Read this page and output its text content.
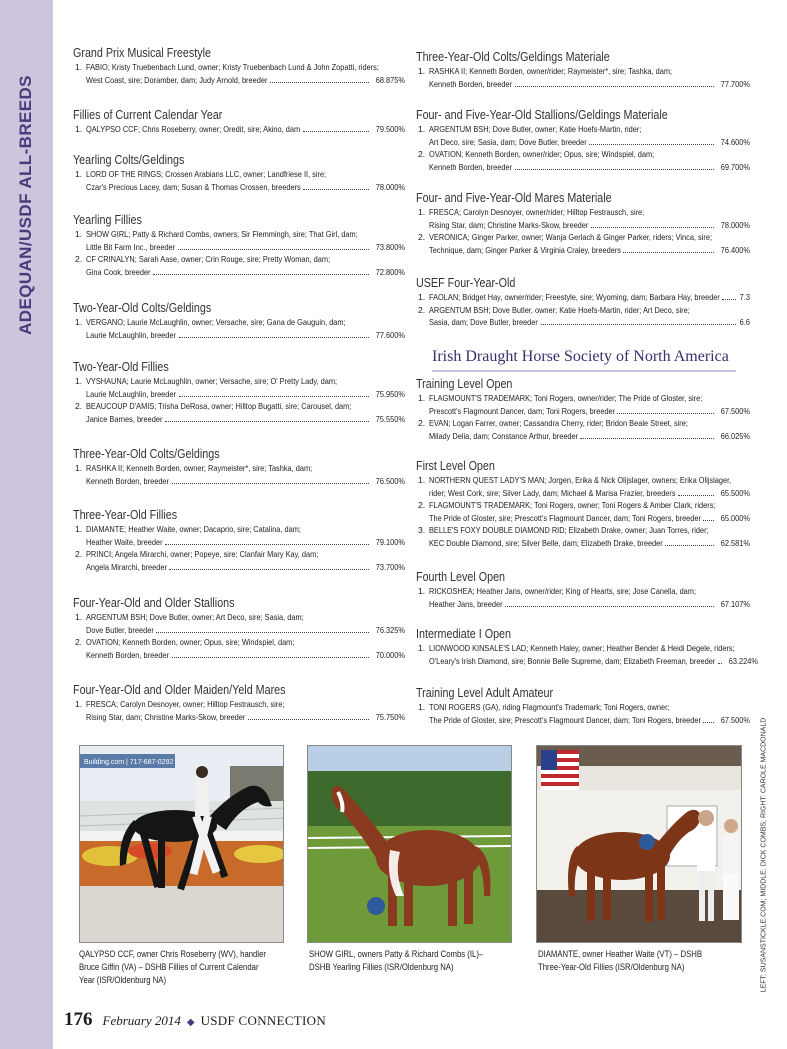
ADEQUAN/USDF ALL-BREEDS
Grand Prix Musical Freestyle
1. FABIO; Kristy Truebenbach Lund, owner; Kristy Truebenbach Lund & John Zopatti, riders;
West Coast, sire; Doramber, dam; Judy Arnold, breeder	68.875%
Fillies of Current Calendar Year
1. QALYPSO CCF; Chris Roseberry, owner; Oredit, sire; Akino, dam	79.500%
Yearling Colts/Geldings
1. LORD OF THE RINGS; Crossen Arabians LLC, owner; Landfriese II, sire;
Czar's Precious Lacey, dam; Susan & Thomas Crossen, breeders	78.000%
Yearling Fillies
1. SHOW GIRL; Patty & Richard Combs, owners; Sir Flemmingh, sire; That Girl, dam;
Little Bit Farm Inc., breeder	73.800%
2. CF CRINALYN; Sarah Aase, owner; Crin Rouge, sire; Pretty Woman, dam;
Gina Cook, breeder	72.800%
Two-Year-Old Colts/Geldings
1. VERGANO; Laurie McLaughlin, owner; Versache, sire; Gana de Gauguin, dam;
Laurie McLaughlin, breeder	77.600%
Two-Year-Old Fillies
1. VYSHAUNA; Laurie McLaughlin, owner; Versache, sire; O' Pretty Lady, dam;
Laurie McLaughlin, breeder	75.950%
2. BEAUCOUP D'AMIS; Trisha DeRosa, owner; Hilltop Bugatti, sire; Carousel, dam;
Janice Barnes, breeder	75.550%
Three-Year-Old Colts/Geldings
1. RASHKA II; Kenneth Borden, owner; Raymeister*, sire; Tashka, dam;
Kenneth Borden, breeder	76.500%
Three-Year-Old Fillies
1. DIAMANTE; Heather Waite, owner; Dacaprio, sire; Catalina, dam;
Heather Waite, breeder	79.100%
2. PRINCI; Angela Mirarchi, owner; Popeye, sire; Clanfair Mary Kay, dam;
Angela Mirarchi, breeder	73.700%
Four-Year-Old and Older Stallions
1. ARGENTUM BSH; Dove Butler, owner; Art Deco, sire; Sasia, dam;
Dove Butler, breeder	76.325%
2. OVATION; Kenneth Borden, owner; Opus, sire; Windspiel, dam;
Kenneth Borden, breeder	70.000%
Four-Year-Old and Older Maiden/Yeld Mares
1. FRESCA; Carolyn Desnoyer, owner; Hilltop Festrausch, sire;
Rising Star, dam; Christine Marks-Skow, breeder	75.750%
Three-Year-Old Colts/Geldings Materiale
1. RASHKA II; Kenneth Borden, owner/rider; Raymeister*, sire; Tashka, dam;
Kenneth Borden, breeder	77.700%
Four- and Five-Year-Old Stallions/Geldings Materiale
1. ARGENTUM BSH; Dove Butler, owner; Katie Hoefs-Martin, rider;
Art Deco, sire; Sasia, dam; Dove Butler, breeder	74.600%
2. OVATION; Kenneth Borden, owner/rider; Opus, sire; Windspiel, dam;
Kenneth Borden, breeder	69.700%
Four- and Five-Year-Old Mares Materiale
1. FRESCA; Carolyn Desnoyer, owner/rider; Hilltop Festrausch, sire;
Rising Star, dam; Christine Marks-Skow, breeder	78.000%
2. VERONICA; Ginger Parker, owner; Wanja Gerlach & Ginger Parker, riders; Vinca, sire;
Technique, dam; Ginger Parker & Virginia Craley, breeders	76.400%
USEF Four-Year-Old
1. FAOLAN; Bridget Hay, owner/rider; Freestyle, sire; Wyoming, dam; Barbara Hay, breeder 7.3
2. ARGENTUM BSH; Dove Butler, owner; Katie Hoefs-Martin, rider; Art Deco, sire;
Sasia, dam; Dove Butler, breeder	6.6
Training Level Open
1. FLAGMOUNT'S TRADEMARK; Toni Rogers, owner/rider; The Pride of Gloster, sire;
Prescott's Flagmount Dancer, dam; Toni Rogers, breeder	67.500%
2. EVAN; Logan Farrer, owner; Cassandra Cherry, rider; Bridon Beale Street, sire;
Milady Delia, dam; Constance Arthur, breeder	66.025%
First Level Open
1. NORTHERN QUEST LADY'S MAN; Jorgen, Erika & Nick Olijslager, owners; Erika Olijslager,
rider; West Cork, sire; Silver Lady, dam; Michael & Marisa Frazier, breeders	65.500%
2. FLAGMOUNT'S TRADEMARK; Toni Rogers, owner; Toni Rogers & Amber Clark, riders;
The Pride of Gloster, sire; Prescott's Flagmount Dancer, dam; Toni Rogers, breeder 65.000%
3. BELLE'S FOXY DOUBLE DIAMOND RID; Elizabeth Drake, owner; Juan Torres, rider;
KEC Double Diamond, sire; Silver Belle, dam; Elizabeth Drake, breeder	62.581%
Fourth Level Open
1. RICKOSHEA; Heather Jans, owner/rider; King of Hearts, sire; Jose Canella, dam;
Heather Jans, breeder	67.107%
Intermediate I Open
1. LIONWOOD KINSALE'S LAD; Kenneth Haley, owner; Heather Bender & Heidi Degele, riders;
O'Leary's Irish Diamond, sire; Bonnie Belle Supreme, dam; Elizabeth Freeman, breeder 63.224%
Training Level Adult Amateur
1. TONI ROGERS (GA), riding Flagmount's Trademark; Toni Rogers, owner;
The Pride of Gloster, sire; Prescott's Flagmount Dancer, dam; Toni Rogers, breeder 67.500%
Irish Draught Horse Society of North America
Building.com | 717-687-0292
QALYPSO CCF, owner Chris Roseberry (WV), handler
Bruce Giffin (VA) – DSHB Fillies of Current Calendar
Year (ISR/Oldenburg NA)
SHOW GIRL, owners Patty & Richard Combs (IL)–
DSHB Yearling Fillies (ISR/Oldenburg NA)
DIAMANTE, owner Heather Waite (VT) – DSHB
Three-Year-Old Fillies (ISR/Oldenburg NA)	LEFT: SUSANSTICKLE.COM; MIDDLE: DICK COMBS; RIGHT: CAROLE MACDONALD
176 February 2014 ◆ USDF CONNECTION
